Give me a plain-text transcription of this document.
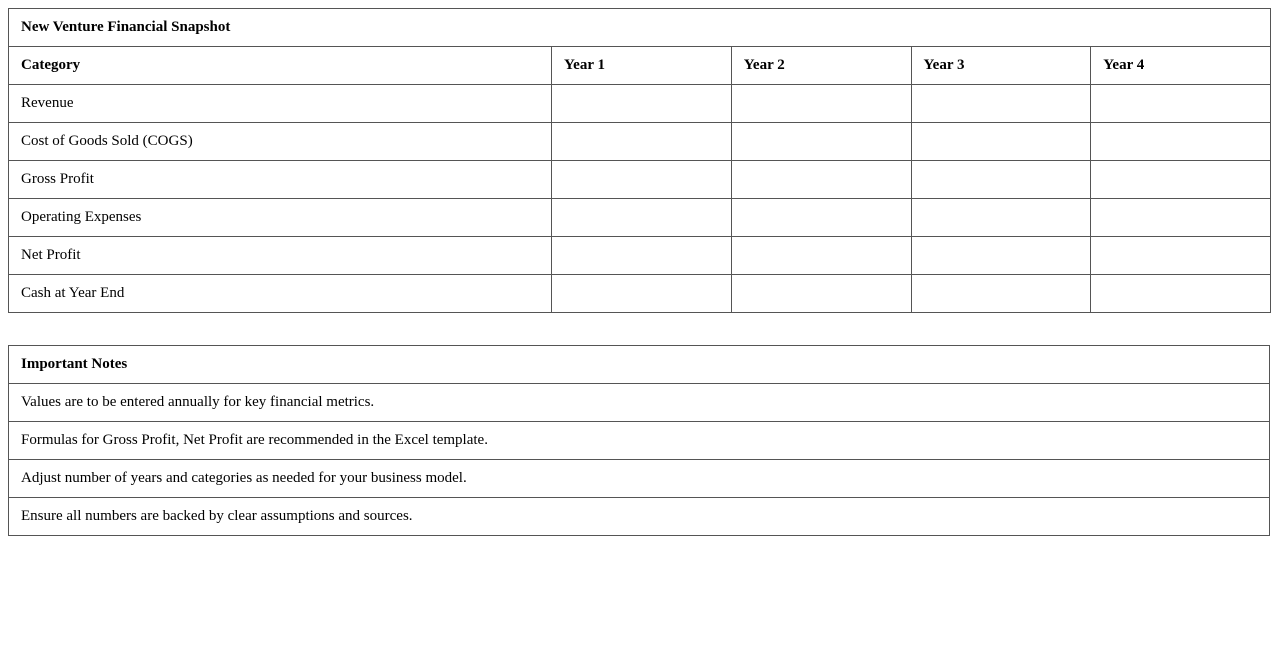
New Venture Financial Snapshot				
Category	Year 1	Year 2	Year 3	Year 4
Revenue				
Cost of Goods Sold (COGS)				
Gross Profit				
Operating Expenses				
Net Profit				
Cash at Year End				
Important Notes
Values are to be entered annually for key financial metrics.
Formulas for Gross Profit, Net Profit are recommended in the Excel template.
Adjust number of years and categories as needed for your business model.
Ensure all numbers are backed by clear assumptions and sources.
